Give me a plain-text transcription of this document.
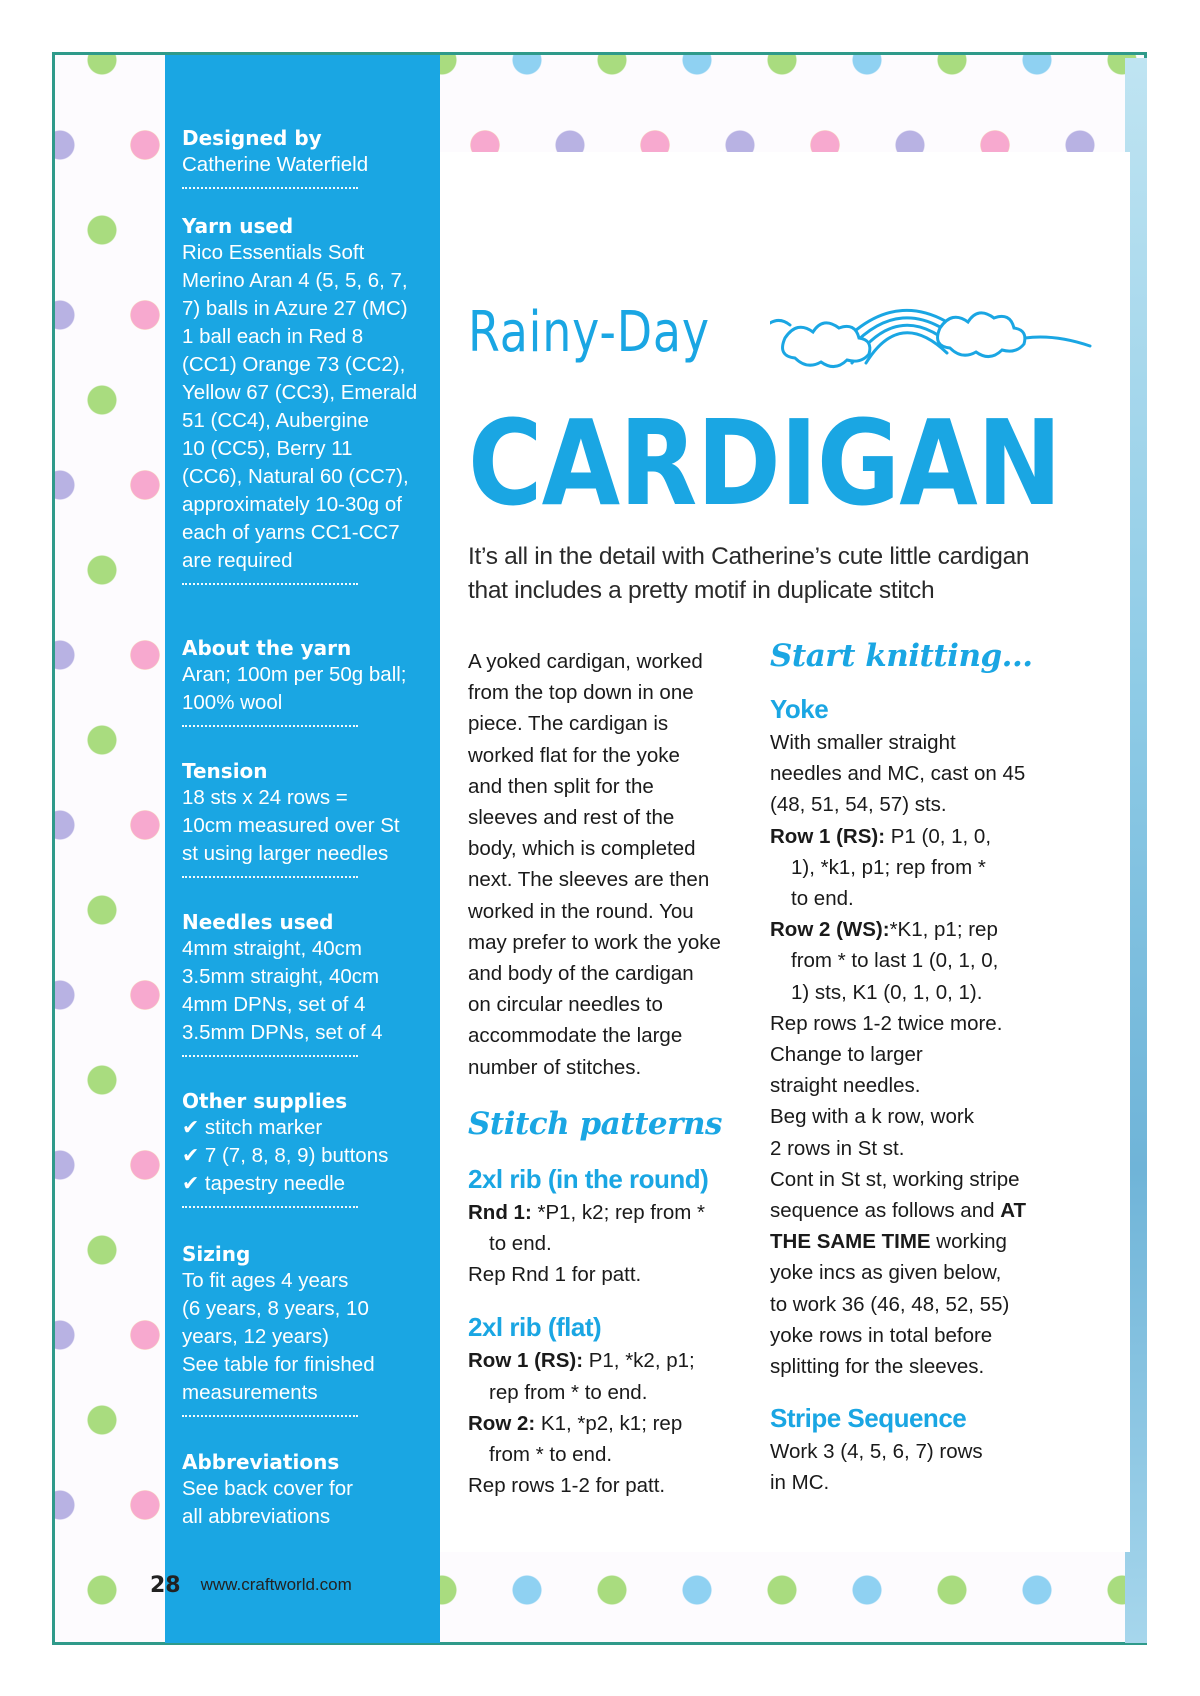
Designed by
Catherine Waterfield
Yarn used
Rico Essentials Soft
Merino Aran 4 (5, 5, 6, 7,
7) balls in Azure 27 (MC)
1 ball each in Red 8
(CC1) Orange 73 (CC2),
Yellow 67 (CC3), Emerald
51 (CC4), Aubergine
10 (CC5), Berry 11
(CC6), Natural 60 (CC7),
approximately 10-30g of
each of yarns CC1-CC7
are required
About the yarn
Aran; 100m per 50g ball;
100% wool
Tension
18 sts x 24 rows =
10cm measured over St
st using larger needles
Needles used
4mm straight, 40cm
3.5mm straight, 40cm
4mm DPNs, set of 4
3.5mm DPNs, set of 4
Other supplies
✔ stitch marker
✔ 7 (7, 8, 8, 9) buttons
✔ tapestry needle
Sizing
To fit ages 4 years
(6 years, 8 years, 10
years, 12 years)
See table for finished
measurements
Abbreviations
See back cover for
all abbreviations
28 www.craftworld.com
Rainy-Day
CARDIGAN
It’s all in the detail with Catherine’s cute little cardigan
that includes a pretty motif in duplicate stitch

A yoked cardigan, worked

from the top down in one

piece. The cardigan is

worked flat for the yoke

and then split for the

sleeves and rest of the

body, which is completed

next. The sleeves are then

worked in the round. You

may prefer to work the yoke

and body of the cardigan

on circular needles to

accommodate the large

number of stitches.

Stitch patterns
2xl rib (in the round)

Rnd 1: *P1, k2; rep from *

to end.

Rep Rnd 1 for patt.

2xl rib (flat)

Row 1 (RS): P1, *k2, p1;

rep from * to end.

Row 2: K1, *p2, k1; rep

from * to end.

Rep rows 1-2 for patt.

Start knitting...
Yoke

With smaller straight

needles and MC, cast on 45

(48, 51, 54, 57) sts.

Row 1 (RS): P1 (0, 1, 0,

1), *k1, p1; rep from *

to end.

Row 2 (WS):*K1, p1; rep

from * to last 1 (0, 1, 0,

1) sts, K1 (0, 1, 0, 1).

Rep rows 1-2 twice more.

Change to larger

straight needles.

Beg with a k row, work

2 rows in St st.

Cont in St st, working stripe

sequence as follows and AT

THE SAME TIME working

yoke incs as given below,

to work 36 (46, 48, 52, 55)

yoke rows in total before

splitting for the sleeves.

Stripe Sequence

Work 3 (4, 5, 6, 7) rows

in MC.
